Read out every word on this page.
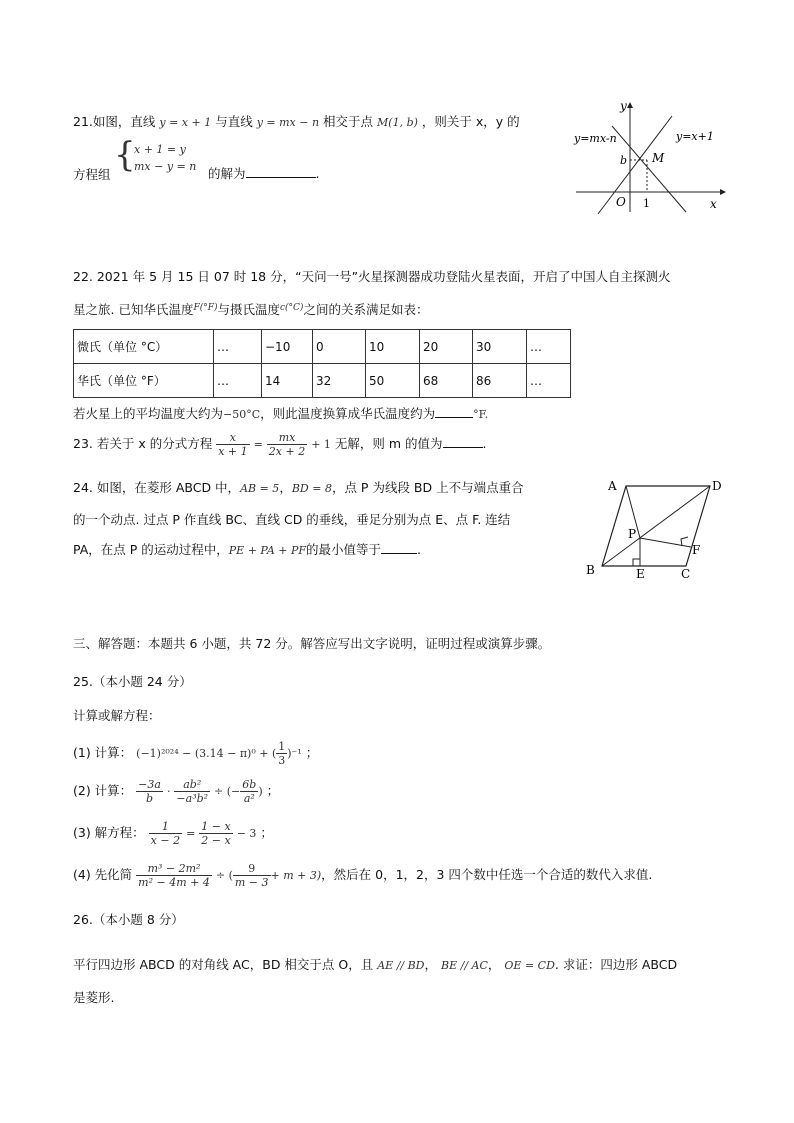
21.如图，直线 y = x + 1 与直线 y = mx − n 相交于点 M(1, b) ，则关于 x，y 的
方程组 {
x + 1 = y
mx − y = n 的解为	.
y
x
O
y=mx-n	y=x+1
b M
1
22. 2021 年 5 月 15 日 07 时 18 分，“天问一号”火星探测器成功登陆火星表面，开启了中国人自主探测火
星之旅. 已知华氏温度$^{F(^\circ F)}$与摄氏温度$^{c(^\circ C)}$之间的关系满足如表：
微氏（单位 °C）	…	−10	0	10	20	30	…
华氏（单位 °F）	…	14	32	50	68	86	…
若火星上的平均温度大约为−50°C，则此温度换算成华氏温度约为	°F.
23. 若关于 x 的分式方程 $\frac{x}{x + 1} = \frac{mx}{2x + 2} + 1$ 无解，则 m 的值为	.
24. 如图，在菱形 ABCD 中，AB = 5，BD = 8，点 P 为线段 BD 上不与端点重合
的一个动点. 过点 P 作直线 BC、直线 CD 的垂线，垂足分别为点 E、点 F. 连结
PA，在点 P 的运动过程中，PE + PA + PF的最小值等于	.
A	D
B	C
P
E
F
三、解答题：本题共 6 小题，共 72 分。解答应写出文字说明，证明过程或演算步骤。
25.（本小题 24 分）
计算或解方程：
(1) 计算： (−1)²⁰²⁴ − (3.14 − π)⁰ + ( $\frac{1}{3} )^{-1}$ ；
(2) 计算： $\frac{-3a}{b} \cdot \frac{\text{ab²}}{\text{−a³b²}}$ ÷ (− $\frac{6b}{\text{a²}}$ ) ；
(3) 解方程： $\frac{1}{x - 2} = \frac{1 - x}{2 - x} - 3$ ；
(4) 先化简 $\frac{\text{m³ − 2m²}}{\text{m² − 4m + 4}}$ ÷ ( $\frac{9}{m - 3} + m + 3$)，然后在 0，1，2，3 四个数中任选一个合适的数代入求值.
26.（本小题 8 分）
平行四边形 ABCD 的对角线 AC，BD 相交于点 O，且 AE // BD， BE // AC， OE = CD. 求证：四边形 ABCD
是菱形.
